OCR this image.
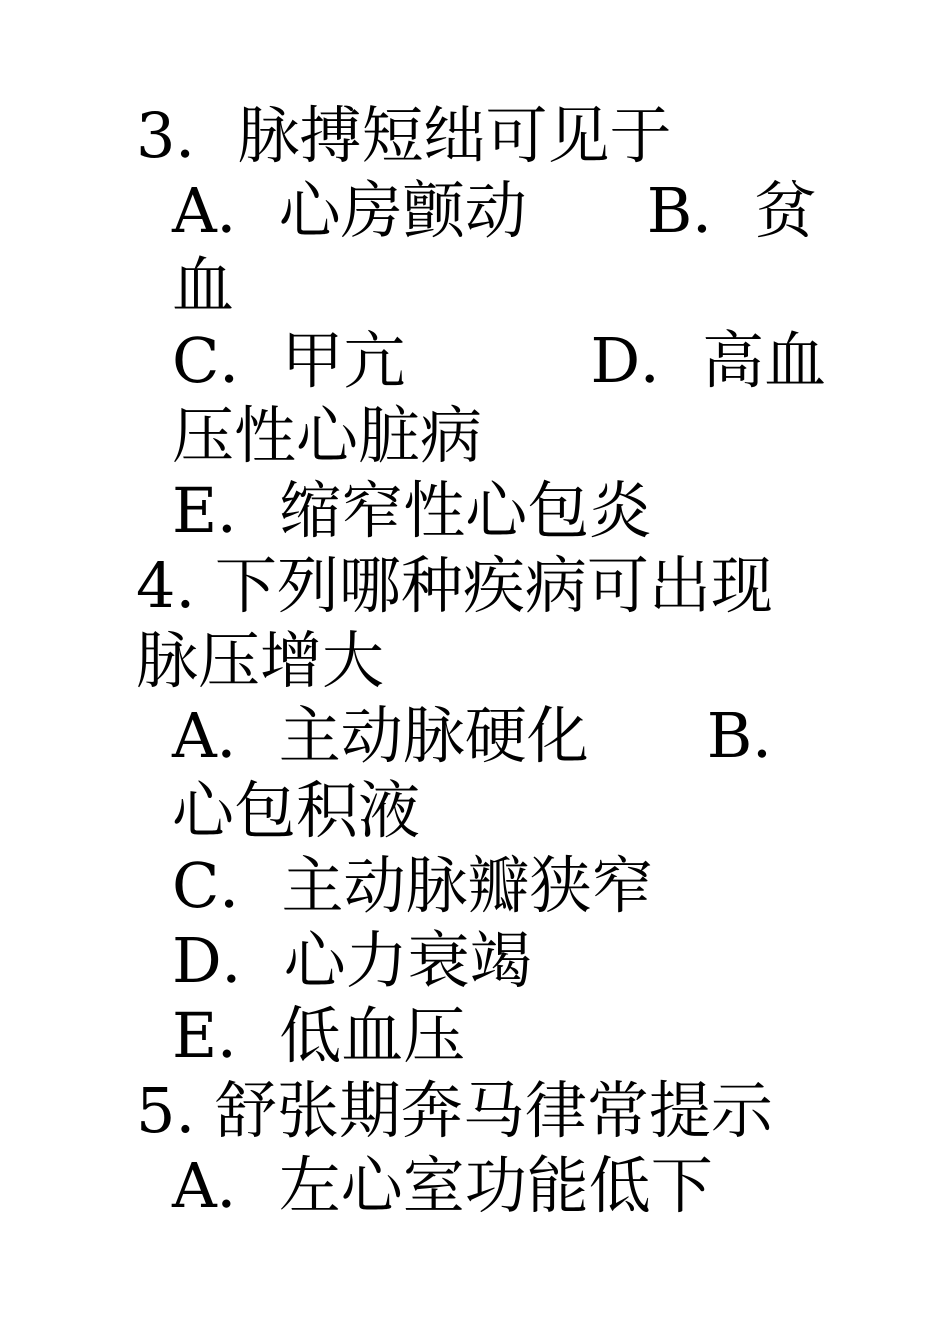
3．脉搏短绌可见于
A．心房颤动 B．贫血
C．甲亢	D．高血压性心脏病
E．缩窄性心包炎
4. 下列哪种疾病可出现
脉压增大
A．主动脉硬化 B．
心包积液
C．主动脉瓣狭窄
D．心力衰竭
E．低血压
5. 舒张期奔马律常提示
A．左心室功能低下
